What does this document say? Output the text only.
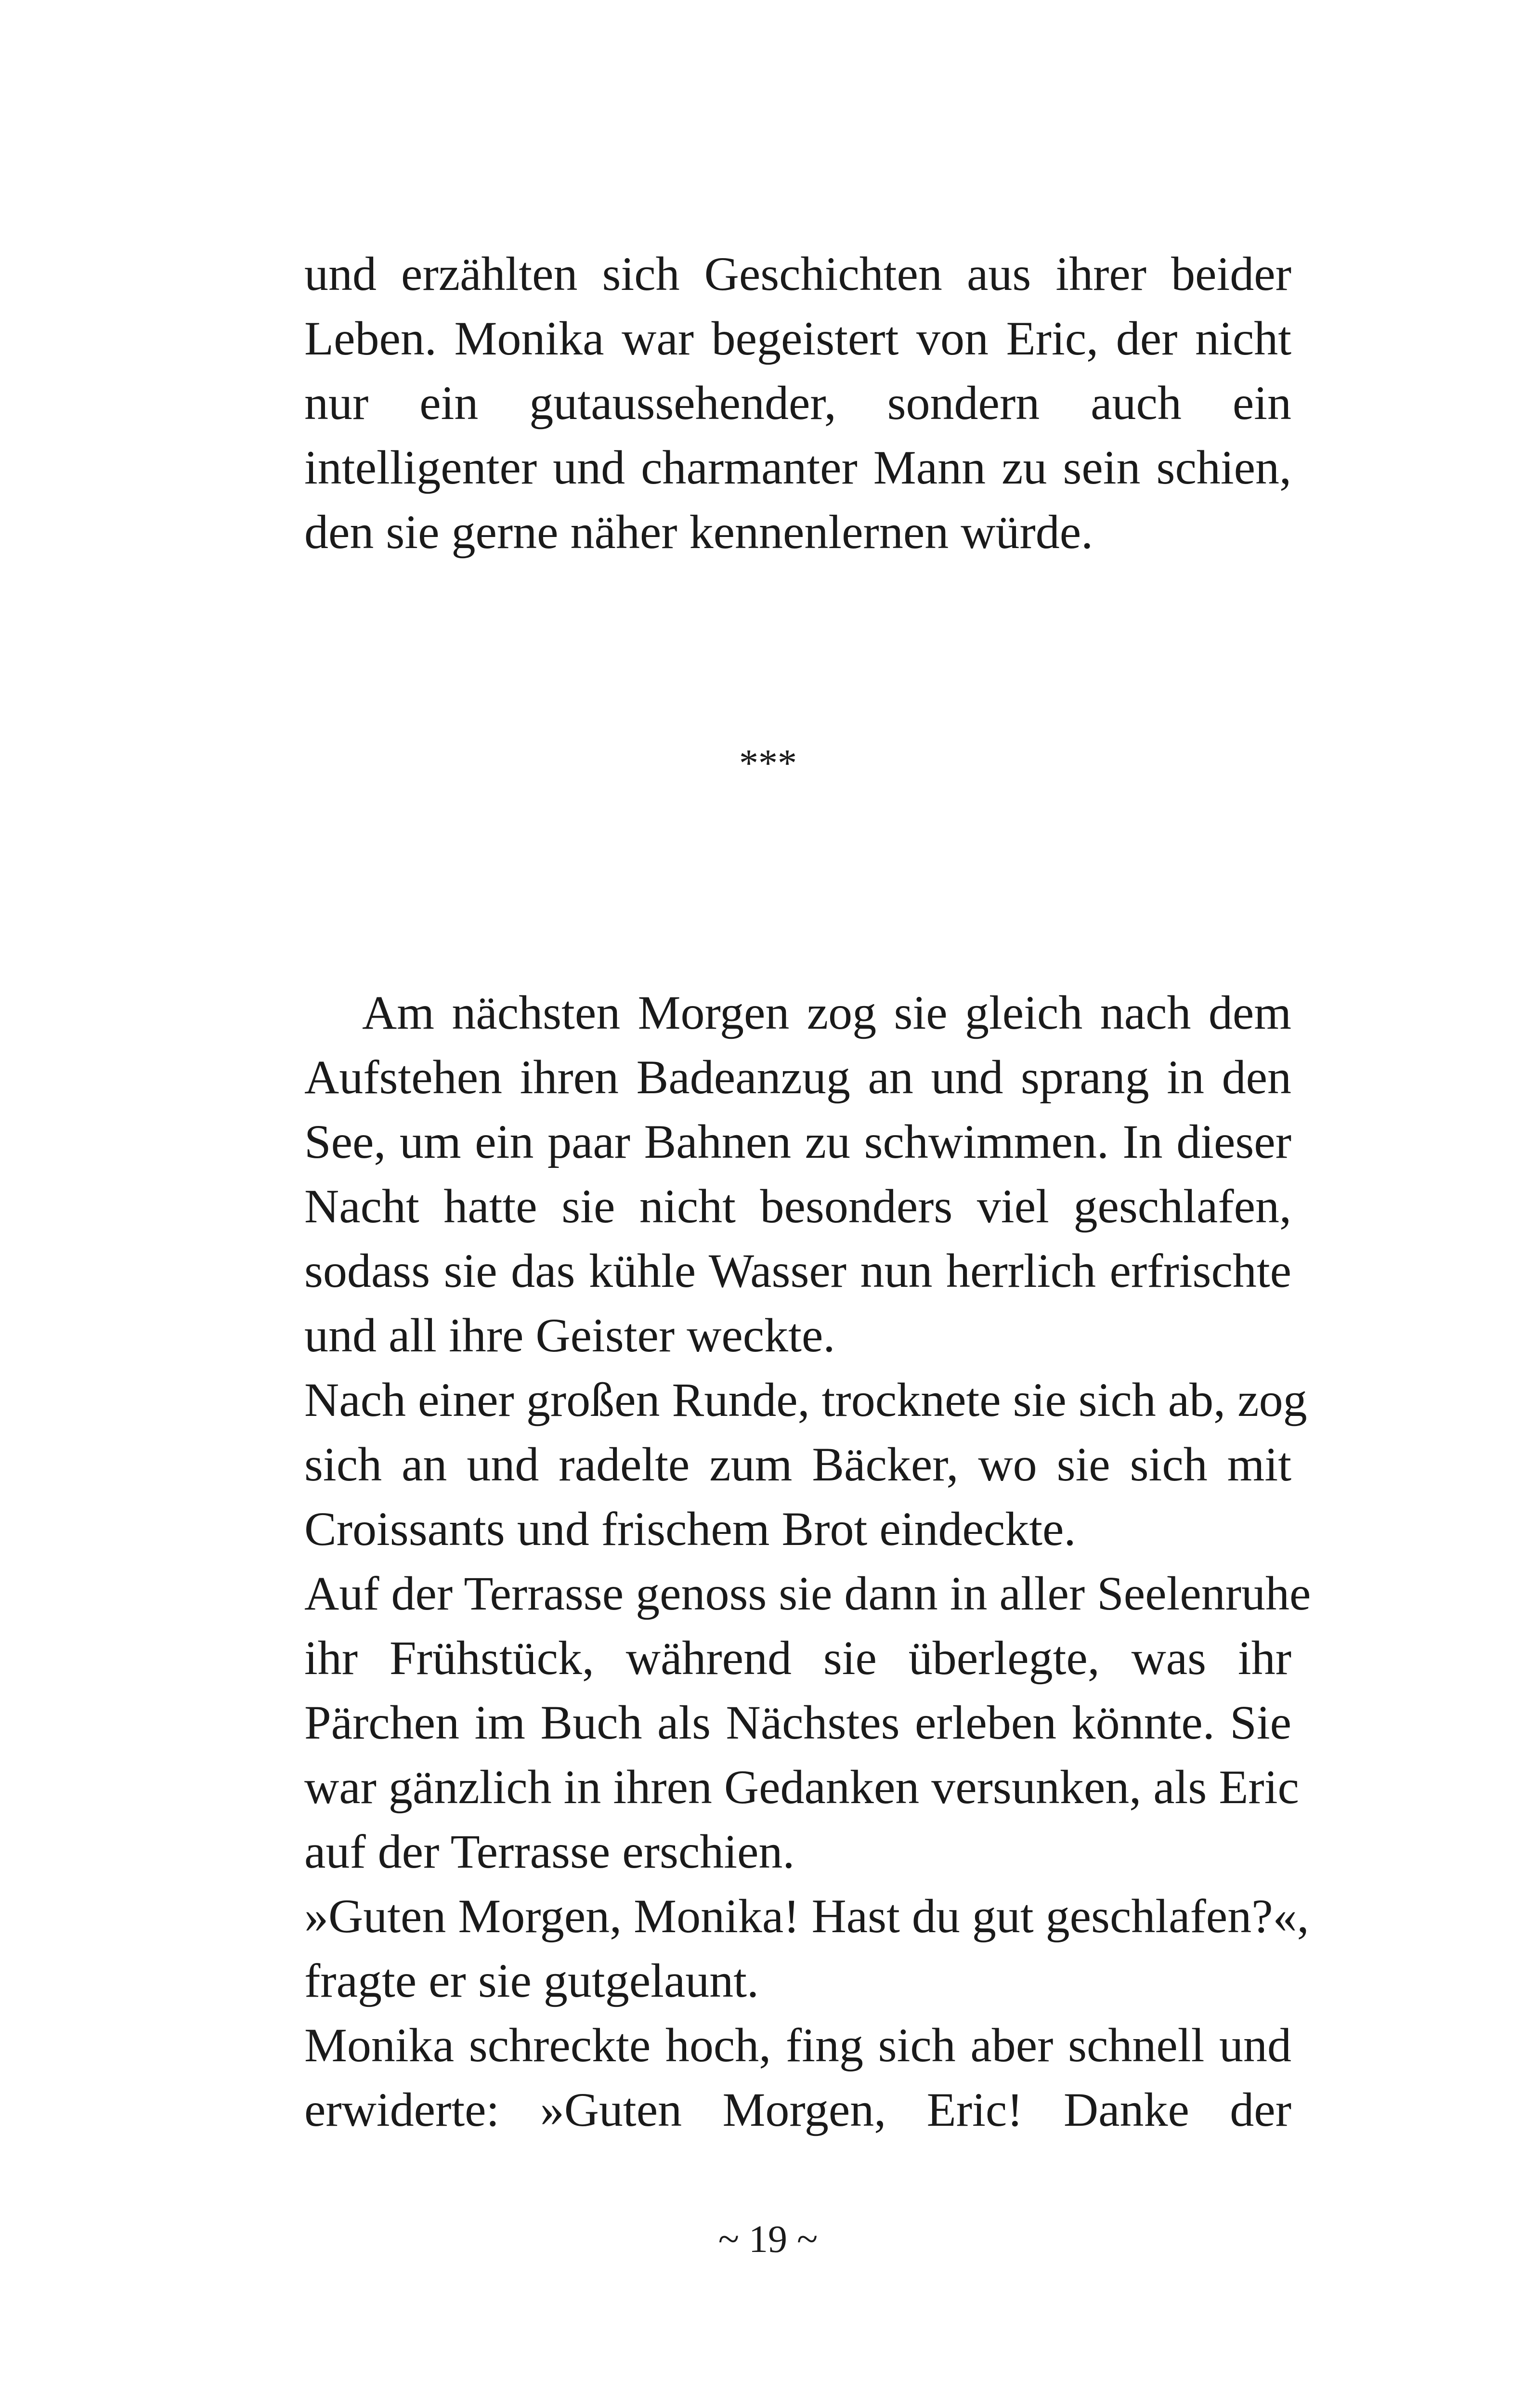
und erzählten sich Geschichten aus ihrer beider
Leben. Monika war begeistert von Eric, der nicht
nur ein gutaussehender, sondern auch ein
intelligenter und charmanter Mann zu sein schien,
den sie gerne näher kennenlernen würde.
***
Am nächsten Morgen zog sie gleich nach dem
Aufstehen ihren Badeanzug an und sprang in den
See, um ein paar Bahnen zu schwimmen. In dieser
Nacht hatte sie nicht besonders viel geschlafen,
sodass sie das kühle Wasser nun herrlich erfrischte
und all ihre Geister weckte.
Nach einer großen Runde, trocknete sie sich ab, zog
sich an und radelte zum Bäcker, wo sie sich mit
Croissants und frischem Brot eindeckte.
Auf der Terrasse genoss sie dann in aller Seelenruhe
ihr Frühstück, während sie überlegte, was ihr
Pärchen im Buch als Nächstes erleben könnte. Sie
war gänzlich in ihren Gedanken versunken, als Eric
auf der Terrasse erschien.
»Guten Morgen, Monika! Hast du gut geschlafen?«,
fragte er sie gutgelaunt.
Monika schreckte hoch, fing sich aber schnell und
erwiderte: »Guten Morgen, Eric! Danke der
~ 19 ~
